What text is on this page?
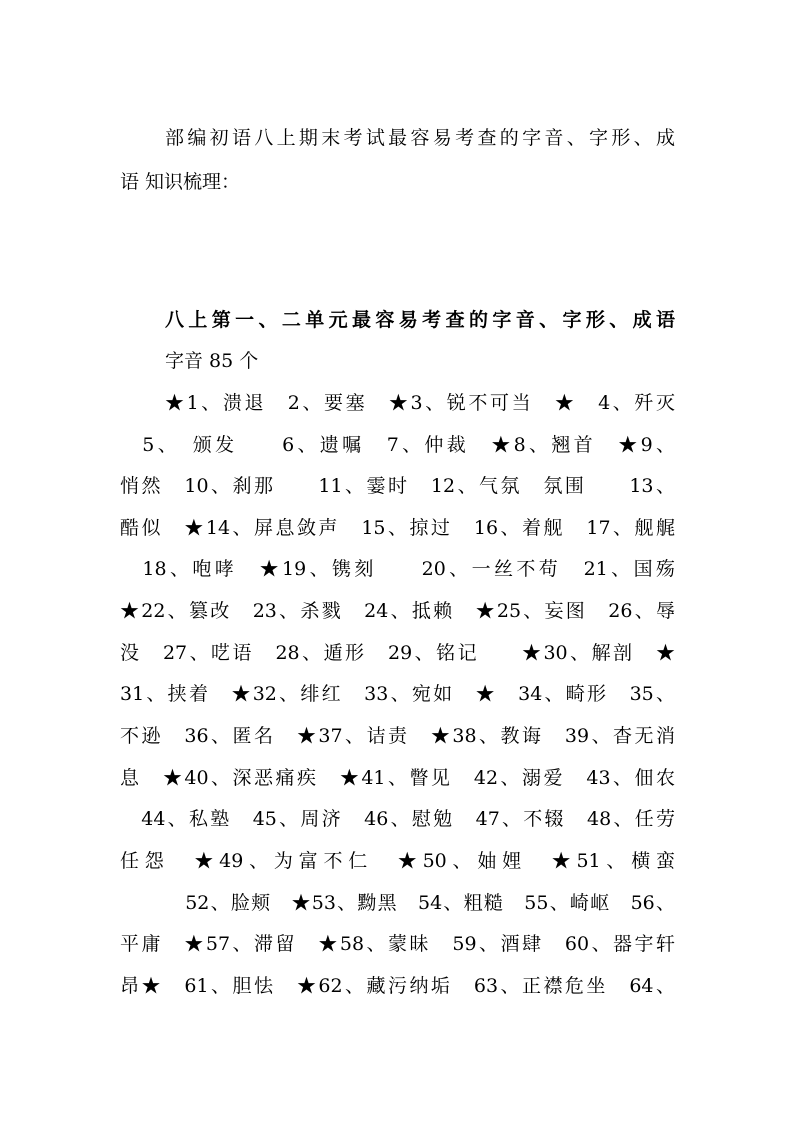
部编初语八上期末考试最容易考查的字音、字形、成
语 知识梳理：
八上第一、二单元最容易考查的字音、字形、成语
字音 85 个
★1、溃退　2、要塞　★3、锐不可当　★　4、歼灭
　5、　颁发　　6、遗嘱　7、仲裁　★8、翘首　★9、
悄然　10、刹那　　11、霎时　12、气氛　氛围　　13、
酷似　★14、屏息敛声　15、掠过　16、着舰　17、舰艉
　18、咆哮　★19、镌刻　　20、一丝不苟　21、国殇
★22、篡改　23、杀戮　24、抵赖　★25、妄图　26、辱
没　27、呓语　28、遁形　29、铭记　　★30、解剖　★
31、挟着　★32、绯红　33、宛如　★　34、畸形　35、
不逊　36、匿名　★37、诘责　★38、教诲　39、杳无消
息　★40、深恶痛疾　★41、瞥见　42、溺爱　43、佃农
　44、私塾　45、周济　46、慰勉　47、不辍　48、任劳
任怨　★49、为富不仁　★50、妯娌　★51、横蛮
　52、脸颊　★53、黝黑　54、粗糙　55、崎岖　56、
平庸　★57、滞留　★58、蒙昧　59、酒肆　60、器宇轩
昂★　61、胆怯　★62、藏污纳垢　63、正襟危坐　64、
